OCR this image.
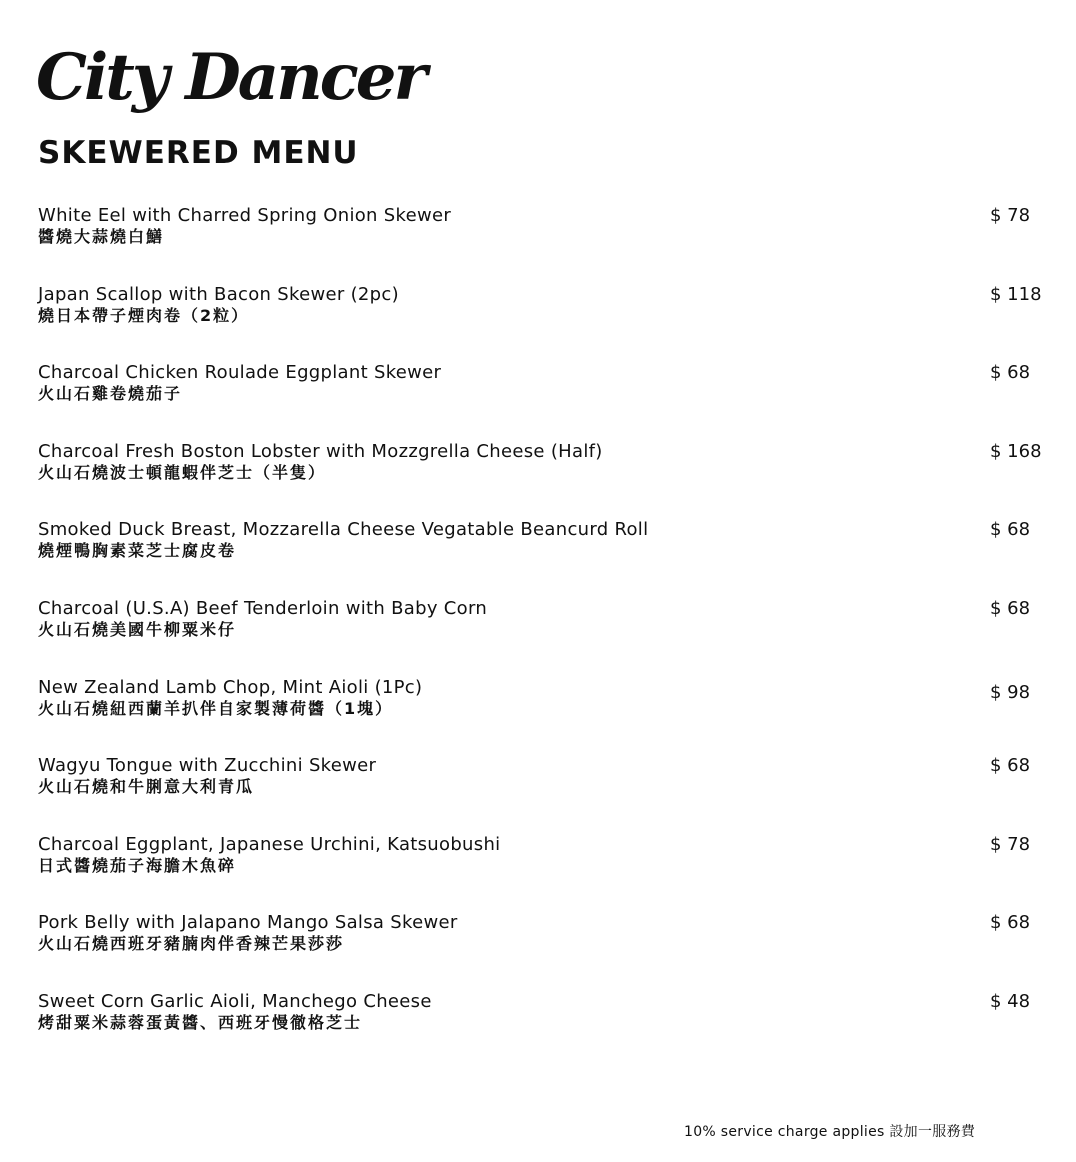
City Dancer
SKEWERED MENU
White Eel with Charred Spring Onion Skewer
醬燒大蒜燒白鱔
$ 78
Japan Scallop with Bacon Skewer (2pc)
燒日本帶子煙肉卷（2粒）
$ 118
Charcoal Chicken Roulade Eggplant Skewer
火山石雞卷燒茄子
$ 68
Charcoal Fresh Boston Lobster with Mozzgrella Cheese (Half)
火山石燒波士頓龍蝦伴芝士（半隻）
$ 168
Smoked Duck Breast, Mozzarella Cheese Vegatable Beancurd Roll
燒煙鴨胸素菜芝士腐皮卷
$ 68
Charcoal (U.S.A) Beef Tenderloin with Baby Corn
火山石燒美國牛柳粟米仔
$ 68
New Zealand Lamb Chop, Mint Aioli (1Pc)
火山石燒紐西蘭羊扒伴自家製薄荷醬（1塊）
$ 98
Wagyu Tongue with Zucchini Skewer
火山石燒和牛脷意大利青瓜
$ 68
Charcoal Eggplant, Japanese Urchini, Katsuobushi
日式醬燒茄子海膽木魚碎
$ 78
Pork Belly with Jalapano Mango Salsa Skewer
火山石燒西班牙豬腩肉伴香辣芒果莎莎
$ 68
Sweet Corn Garlic Aioli, Manchego Cheese
烤甜粟米蒜蓉蛋黃醬、西班牙慢徹格芝士
$ 48
10% service charge applies 設加一服務費
